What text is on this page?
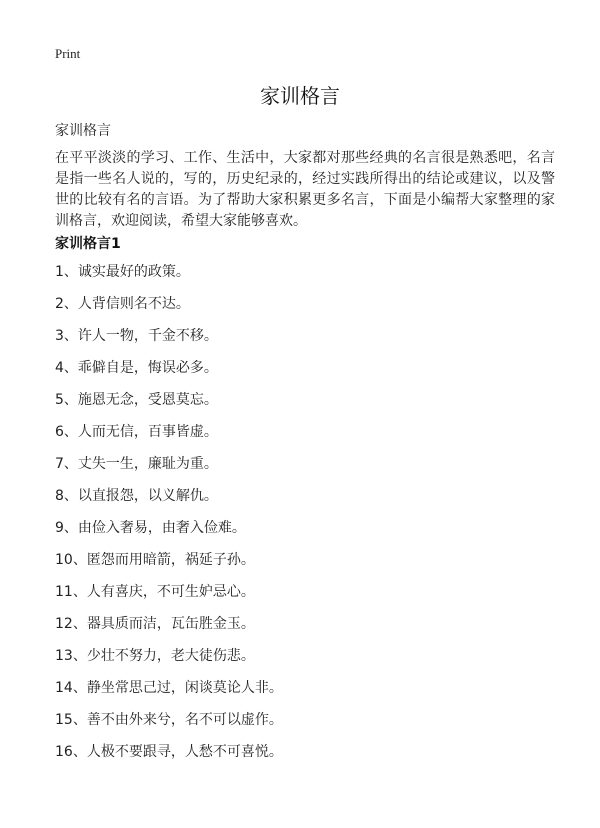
Print
家训格言
家训格言

在平平淡淡的学习、工作、生活中，大家都对那些经典的名言很是熟悉吧，名言是指一些名人说的，写的，历史纪录的，经过实践所得出的结论或建议，以及警世的比较有名的言语。为了帮助大家积累更多名言，下面是小编帮大家整理的家训格言，欢迎阅读，希望大家能够喜欢。

家训格言1
1、诚实最好的政策。
2、人背信则名不达。
3、许人一物，千金不移。
4、乖僻自是，悔误必多。
5、施恩无念，受恩莫忘。
6、人而无信，百事皆虚。
7、丈失一生，廉耻为重。
8、以直报怨，以义解仇。
9、由俭入奢易，由奢入俭难。
10、匿怨而用暗箭，祸延子孙。
11、人有喜庆，不可生妒忌心。
12、器具质而洁，瓦缶胜金玉。
13、少壮不努力，老大徒伤悲。
14、静坐常思己过，闲谈莫论人非。
15、善不由外来兮，名不可以虚作。
16、人极不要跟寻，人愁不可喜悦。
